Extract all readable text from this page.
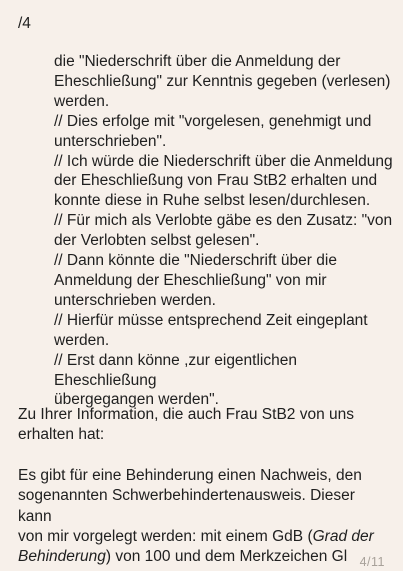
/4

die "Niederschrift über die Anmeldung der

Eheschließung" zur Kenntnis gegeben (verlesen)

werden.

// Dies erfolge mit "vorgelesen, genehmigt und

unterschrieben".

// Ich würde die Niederschrift über die Anmeldung

der Eheschließung von Frau StB2 erhalten und

konnte diese in Ruhe selbst lesen/durchlesen.

// Für mich als Verlobte gäbe es den Zusatz: "von

der Verlobten selbst gelesen".

// Dann könnte die "Niederschrift über die

Anmeldung der Eheschließung" von mir

unterschrieben werden.

// Hierfür müsse entsprechend Zeit eingeplant

werden.

// Erst dann könne ,zur eigentlichen Eheschließung

übergegangen werden".

Zu Ihrer Information, die auch Frau StB2 von uns

erhalten hat:

Es gibt für eine Behinderung einen Nachweis, den

sogenannten Schwerbehindertenausweis. Dieser kann

von mir vorgelegt werden: mit einem GdB (Grad der

Behinderung) von 100 und dem Merkzeichen Gl 4/11
